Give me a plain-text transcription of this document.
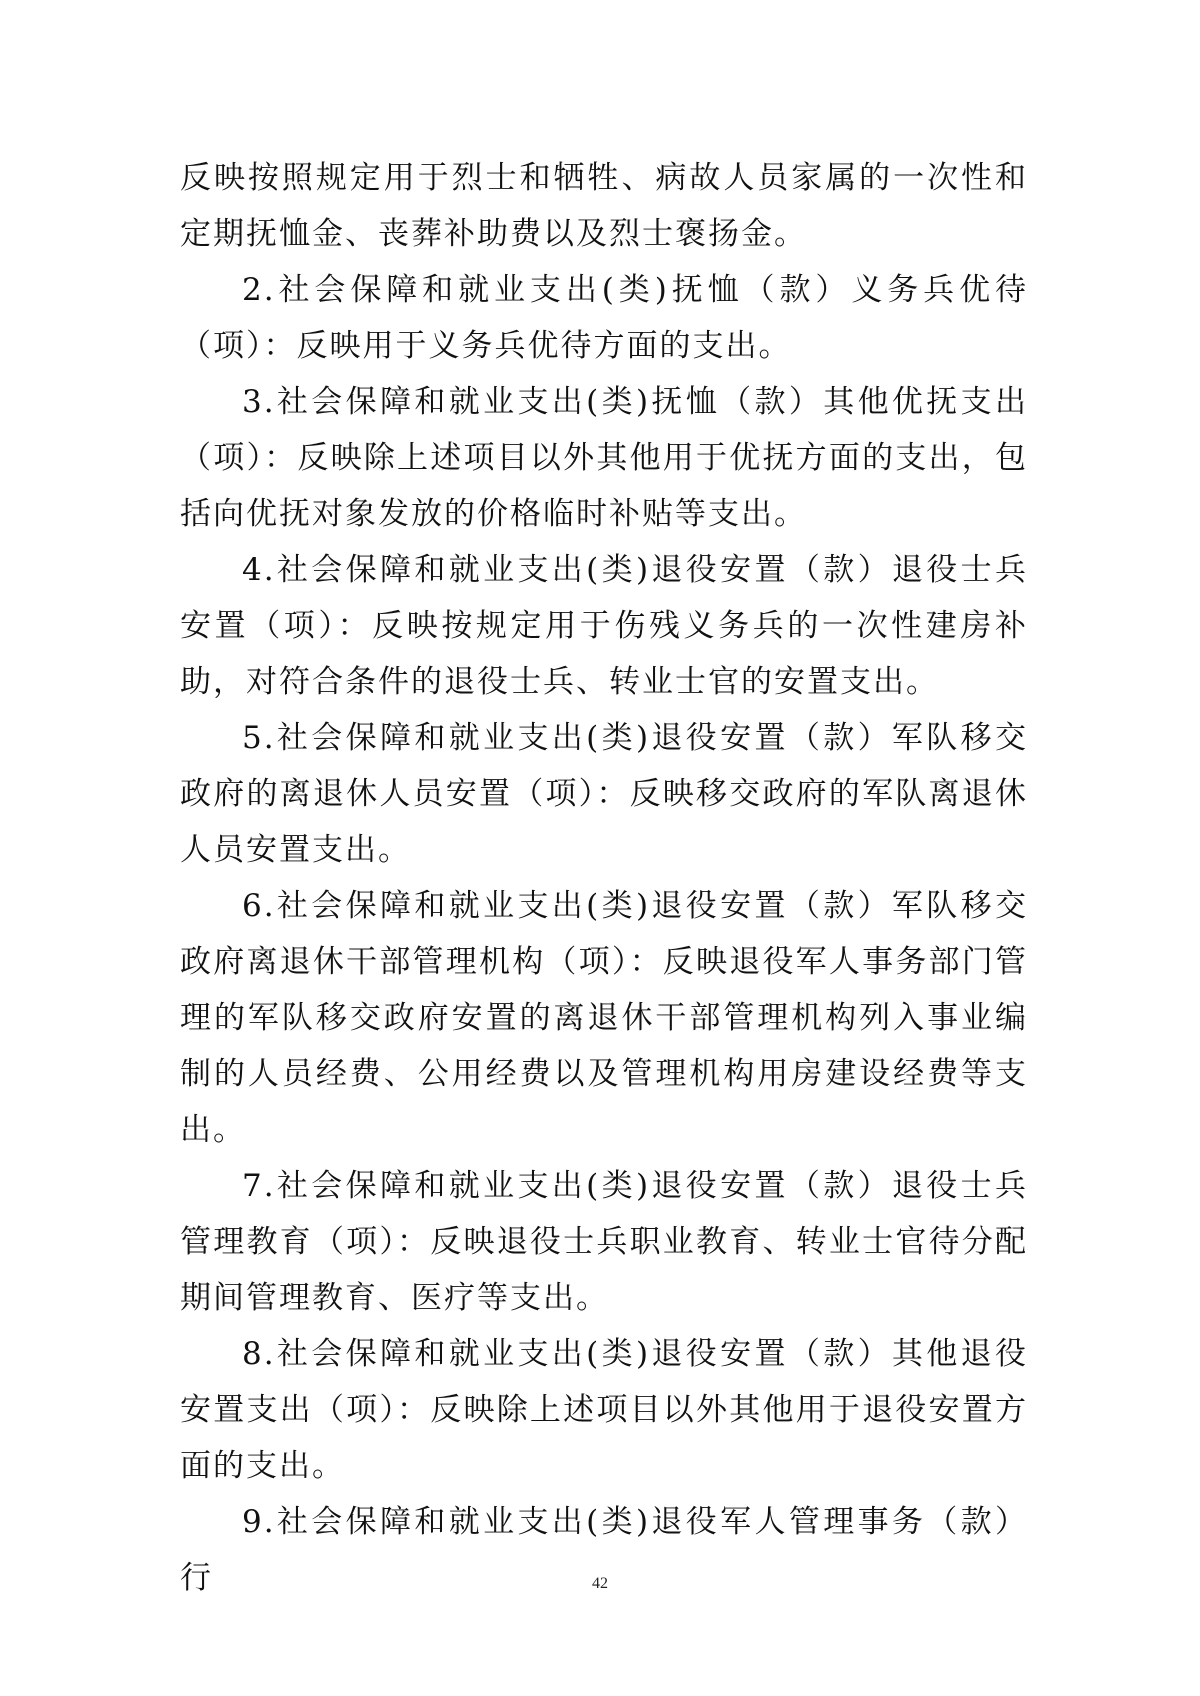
反映按照规定用于烈士和牺牲、病故人员家属的一次性和定期抚恤金、丧葬补助费以及烈士褒扬金。

2.社会保障和就业支出(类)抚恤（款）义务兵优待（项）：反映用于义务兵优待方面的支出。

3.社会保障和就业支出(类)抚恤（款）其他优抚支出（项）：反映除上述项目以外其他用于优抚方面的支出，包括向优抚对象发放的价格临时补贴等支出。

4.社会保障和就业支出(类)退役安置（款）退役士兵安置（项）：反映按规定用于伤残义务兵的一次性建房补助，对符合条件的退役士兵、转业士官的安置支出。

5.社会保障和就业支出(类)退役安置（款）军队移交政府的离退休人员安置（项）：反映移交政府的军队离退休人员安置支出。

6.社会保障和就业支出(类)退役安置（款）军队移交政府离退休干部管理机构（项）：反映退役军人事务部门管理的军队移交政府安置的离退休干部管理机构列入事业编制的人员经费、公用经费以及管理机构用房建设经费等支出。

7.社会保障和就业支出(类)退役安置（款）退役士兵管理教育（项）：反映退役士兵职业教育、转业士官待分配期间管理教育、医疗等支出。

8.社会保障和就业支出(类)退役安置（款）其他退役安置支出（项）：反映除上述项目以外其他用于退役安置方面的支出。

9.社会保障和就业支出(类)退役军人管理事务（款）行	42
